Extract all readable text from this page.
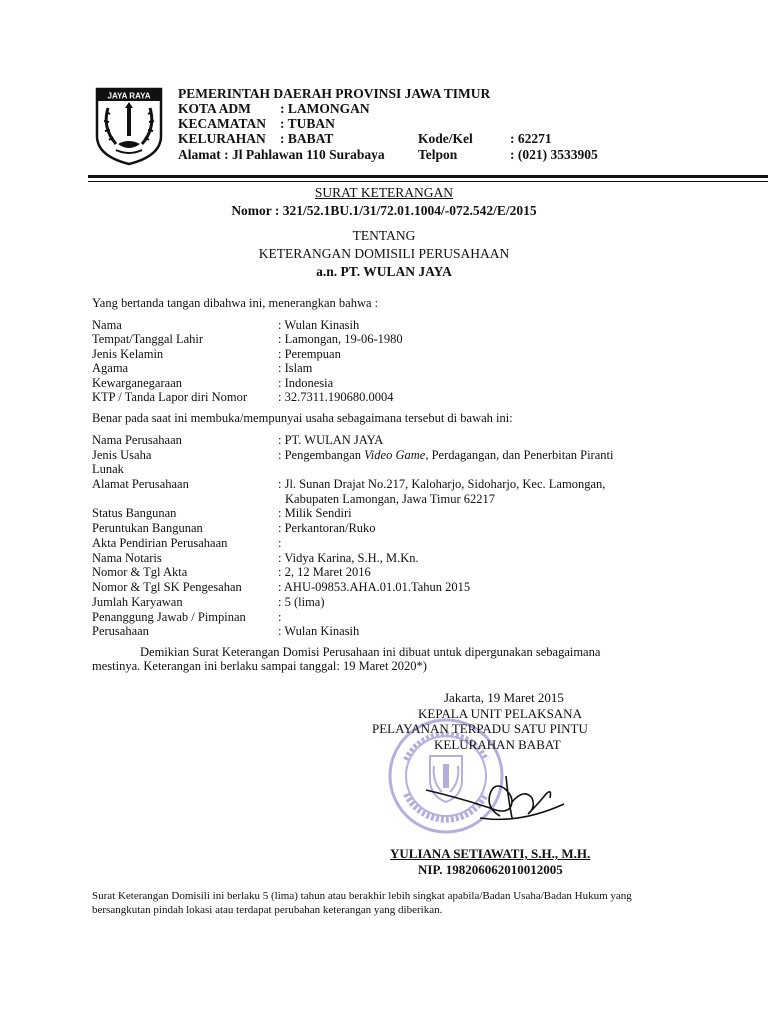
JAYA RAYA PEMERINTAH DAERAH PROVINSI JAWA TIMUR
KOTA ADM : LAMONGAN
KECAMATAN : TUBAN
KELURAHAN : BABAT	Kode/Kel	: 62271
Alamat : Jl Pahlawan 110 Surabaya Telpon	: (021) 3533905
SURAT KETERANGAN
Nomor : 321/52.1BU.1/31/72.01.1004/-072.542/E/2015
TENTANG
KETERANGAN DOMISILI PERUSAHAAN
a.n. PT. WULAN JAYA
Yang bertanda tangan dibahwa ini, menerangkan bahwa :
Nama	: Wulan Kinasih
Tempat/Tanggal Lahir	: Lamongan, 19-06-1980
Jenis Kelamin	: Perempuan
Agama	: Islam
Kewarganegaraan	: Indonesia
KTP / Tanda Lapor diri Nomor : 32.7311.190680.0004
Benar pada saat ini membuka/mempunyai usaha sebagaimana tersebut di bawah ini:
Nama Perusahaan	: PT. WULAN JAYA
Jenis Usaha	: Pengembangan Video Game, Perdagangan, dan Penerbitan Piranti
Lunak
Alamat Perusahaan	: Jl. Sunan Drajat No.217, Kaloharjo, Sidoharjo, Kec. Lamongan,
Kabupaten Lamongan, Jawa Timur 62217
Status Bangunan	: Milik Sendiri
Peruntukan Bangunan	: Perkantoran/Ruko
Akta Pendirian Perusahaan	:
Nama Notaris	: Vidya Karina, S.H., M.Kn.
Nomor & Tgl Akta	: 2, 12 Maret 2016
Nomor & Tgl SK Pengesahan	: AHU-09853.AHA.01.01.Tahun 2015
Jumlah Karyawan	: 5 (lima)
Penanggung Jawab / Pimpinan	:
Perusahaan	: Wulan Kinasih
Demikian Surat Keterangan Domisi Perusahaan ini dibuat untuk dipergunakan sebagaimana
mestinya. Keterangan ini berlaku sampai tanggal: 19 Maret 2020*)
Jakarta, 19 Maret 2015
KEPALA UNIT PELAKSANA
PELAYANAN TERPADU SATU PINTU
KELURAHAN BABAT
YULIANA SETIAWATI, S.H., M.H.
NIP. 198206062010012005
Surat Keterangan Domisili ini berlaku 5 (lima) tahun atau berakhir lebih singkat apabila/Badan Usaha/Badan Hukum yang
bersangkutan pindah lokasi atau terdapat perubahan keterangan yang diberikan.
